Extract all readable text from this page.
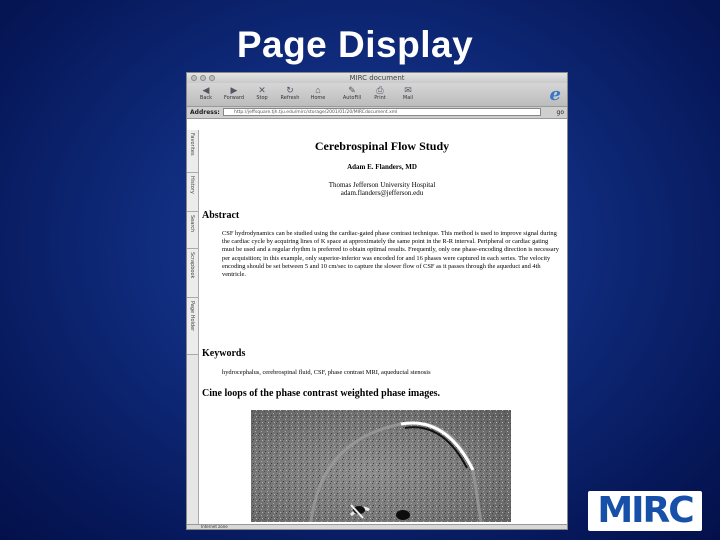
Page Display
MIRC document
◀
Back
▶
Forward
✕
Stop
↻
Refresh
⌂
Home
✎
AutoFill
⎙
Print
✉
Mail	e
Address:	http://jeffsquare.tjh.tju.edu/mirc/storage/2001/01/20/MIRCdocument.xml	go
Favorites
History
Search
Scrapbook
Page Holder
Cerebrospinal Flow Study
Adam E. Flanders, MD
Thomas Jefferson University Hospital
adam.flanders@jefferson.edu
Abstract
CSF hydrodynamics can be studied using the cardiac-gated phase contrast technique. This method is used to improve signal during the cardiac cycle by acquiring lines of K space at approximately the same point in the R-R interval. Peripheral or cardiac gating must be used and a regular rhythm is preferred to obtain optimal results. Frequently, only one phase-encoding direction is necessary per acquisition; in this example, only superior-inferior was encoded for and 16 phases were captured in each series. The velocity encoding should be set between 5 and 10 cm/sec to capture the slower flow of CSF as it passes through the aqueduct and 4th ventricle.
Keywords
hydrocephalus, cerebrospinal fluid, CSF, phase contrast MRI, aqueductal stenosis
Cine loops of the phase contrast weighted phase images.
Internet zone	MIRC
